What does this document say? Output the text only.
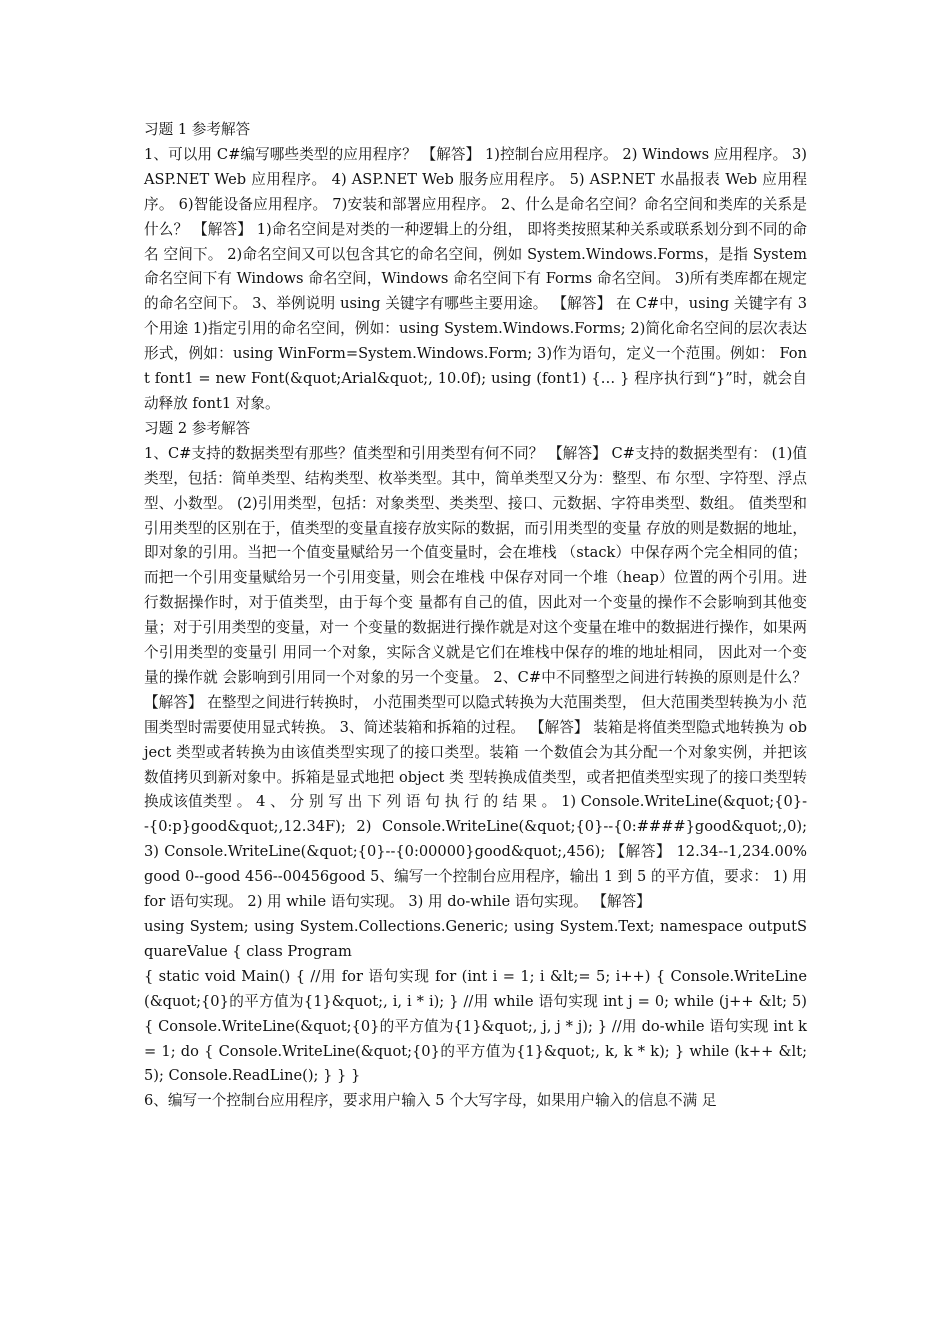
习题 1 参考解答

1、可以用 C#编写哪些类型的应用程序？ 【解答】 1)控制台应用程序。 2) Windows 应用程序。 3) ASP.NET Web 应用程序。 4) ASP.NET Web 服务应用程序。 5) ASP.NET 水晶报表 Web 应用程序。 6)智能设备应用程序。 7)安装和部署应用程序。 2、什么是命名空间？命名空间和类库的关系是什么？ 【解答】 1)命名空间是对类的一种逻辑上的分组， 即将类按照某种关系或联系划分到不同的命名 空间下。 2)命名空间又可以包含其它的命名空间，例如 System.Windows.Forms，是指 System 命名空间下有 Windows 命名空间，Windows 命名空间下有 Forms 命名空间。 3)所有类库都在规定的命名空间下。 3、举例说明 using 关键字有哪些主要用途。 【解答】 在 C#中，using 关键字有 3 个用途 1)指定引用的命名空间，例如：using System.Windows.Forms; 2)简化命名空间的层次表达形式，例如：using WinForm=System.Windows.Form; 3)作为语句，定义一个范围。例如： Font font1 = new Font(&quot;Arial&quot;, 10.0f); using (font1) {… } 程序执行到“}”时，就会自动释放 font1 对象。

习题 2 参考解答

1、C#支持的数据类型有那些？值类型和引用类型有何不同？ 【解答】 C#支持的数据类型有： (1)值类型，包括：简单类型、结构类型、枚举类型。其中，简单类型又分为：整型、布 尔型、字符型、浮点型、小数型。 (2)引用类型，包括：对象类型、类类型、接口、元数据、字符串类型、数组。 值类型和引用类型的区别在于，值类型的变量直接存放实际的数据，而引用类型的变量 存放的则是数据的地址，即对象的引用。当把一个值变量赋给另一个值变量时，会在堆栈 （stack）中保存两个完全相同的值；而把一个引用变量赋给另一个引用变量，则会在堆栈 中保存对同一个堆（heap）位置的两个引用。进行数据操作时，对于值类型，由于每个变 量都有自己的值，因此对一个变量的操作不会影响到其他变量；对于引用类型的变量，对一 个变量的数据进行操作就是对这个变量在堆中的数据进行操作，如果两个引用类型的变量引 用同一个对象，实际含义就是它们在堆栈中保存的堆的地址相同， 因此对一个变量的操作就 会影响到引用同一个对象的另一个变量。 2、C#中不同整型之间进行转换的原则是什么？ 【解答】 在整型之间进行转换时， 小范围类型可以隐式转换为大范围类型， 但大范围类型转换为小 范围类型时需要使用显式转换。 3、简述装箱和拆箱的过程。 【解答】 装箱是将值类型隐式地转换为 object 类型或者转换为由该值类型实现了的接口类型。装箱 一个数值会为其分配一个对象实例，并把该数值拷贝到新对象中。拆箱是显式地把 object 类 型转换成值类型，或者把值类型实现了的接口类型转换成该值类型 。 4 、 分 别 写 出 下 列 语 句 执 行 的 结 果 。 1) Console.WriteLine(&quot;{0}--{0:p}good&quot;,12.34F); 2) Console.WriteLine(&quot;{0}--{0:####}good&quot;,0); 3) Console.WriteLine(&quot;{0}--{0:00000}good&quot;,456); 【解答】 12.34--1,234.00%good 0--good 456--00456good 5、编写一个控制台应用程序，输出 1 到 5 的平方值，要求： 1) 用 for 语句实现。 2) 用 while 语句实现。 3) 用 do-while 语句实现。 【解答】

using System; using System.Collections.Generic; using System.Text; namespace outputSquareValue { class Program

{ static void Main() { //用 for 语句实现 for (int i = 1; i &lt;= 5; i++) { Console.WriteLine(&quot;{0}的平方值为{1}&quot;, i, i * i); } //用 while 语句实现 int j = 0; while (j++ &lt; 5) { Console.WriteLine(&quot;{0}的平方值为{1}&quot;, j, j * j); } //用 do-while 语句实现 int k = 1; do { Console.WriteLine(&quot;{0}的平方值为{1}&quot;, k, k * k); } while (k++ &lt; 5); Console.ReadLine(); } } }

6、编写一个控制台应用程序，要求用户输入 5 个大写字母，如果用户输入的信息不满 足
